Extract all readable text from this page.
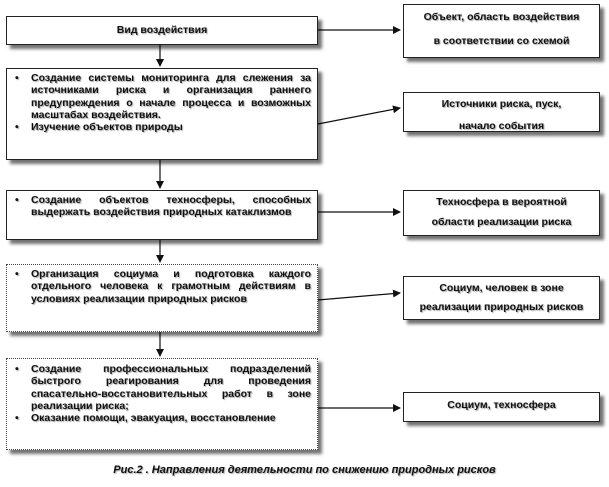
Вид воздействия
• Создание системы мониторинга для слежения за источниками риска и организация раннего предупреждения о начале процесса и возможных масштабах воздействия.
• Изучение объектов природы
• Создание объектов техносферы, способных выдержать воздействия природных катаклизмов
• Организация социума и подготовка каждого отдельного человека к грамотным действиям в условиях реализации природных рисков
• Создание профессиональных подразделений быстрого реагирования для проведения спасательно-восстановительных работ в зоне реализации риска;
• Оказание помощи, эвакуация, восстановление
Объект, область воздействия
в соответствии со схемой
Источники риска, пуск,
начало события
Техносфера в вероятной
области реализации риска
Социум, человек в зоне
реализации природных рисков
Социум, техносфера
Рис.2 . Направления деятельности по снижению природных рисков
